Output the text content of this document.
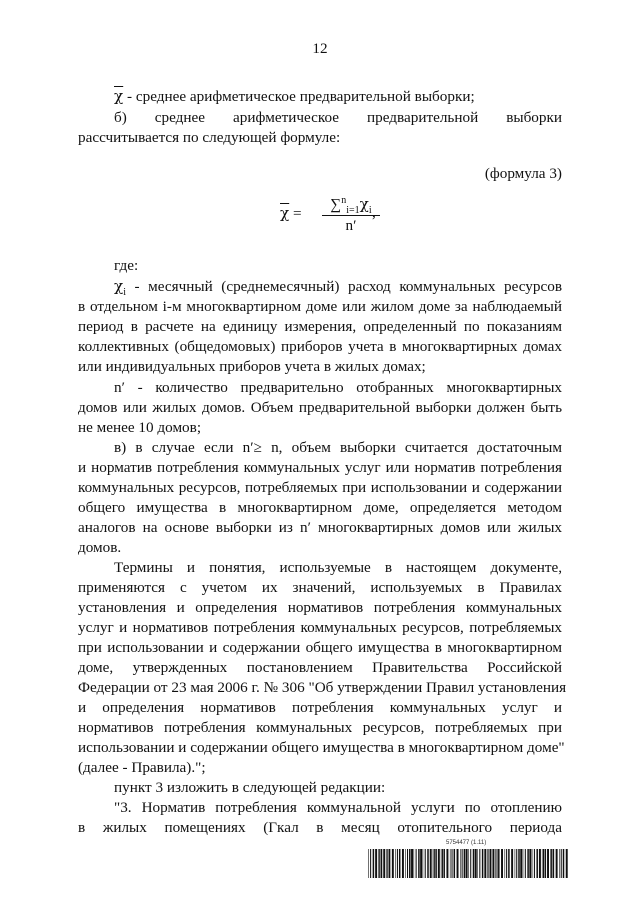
12
$\overline{\chi}$ - среднее арифметическое предварительной выборки;
б) среднее арифметическое предварительной выборки
рассчитывается по следующей формуле:
(формула 3)
$\overline{\chi} = \frac{\sum^n_{i=1}\chi_i}{n'}$
,
где:
$\chi_i$ - месячный (среднемесячный) расход коммунальных ресурсов
в отдельном i-м многоквартирном доме или жилом доме за наблюдаемый
период в расчете на единицу измерения, определенный по показаниям
коллективных (общедомовых) приборов учета в многоквартирных домах
или индивидуальных приборов учета в жилых домах;
n′ - количество предварительно отобранных многоквартирных
домов или жилых домов. Объем предварительной выборки должен быть
не менее 10 домов;
в) в случае если n′≥ n, объем выборки считается достаточным
и норматив потребления коммунальных услуг или норматив потребления
коммунальных ресурсов, потребляемых при использовании и содержании
общего имущества в многоквартирном доме, определяется методом
аналогов на основе выборки из n′ многоквартирных домов или жилых
домов.
Термины и понятия, используемые в настоящем документе,
применяются с учетом их значений, используемых в Правилах
установления и определения нормативов потребления коммунальных
услуг и нормативов потребления коммунальных ресурсов, потребляемых
при использовании и содержании общего имущества в многоквартирном
доме, утвержденных постановлением Правительства Российской
Федерации от 23 мая 2006 г. № 306 "Об утверждении Правил установления
и определения нормативов потребления коммунальных услуг и
нормативов потребления коммунальных ресурсов, потребляемых при
использовании и содержании общего имущества в многоквартирном доме"
(далее - Правила).";
пункт 3 изложить в следующей редакции:
"3. Норматив потребления коммунальной услуги по отоплению
в жилых помещениях (Гкал в месяц отопительного периода
5754477 (1.11)
